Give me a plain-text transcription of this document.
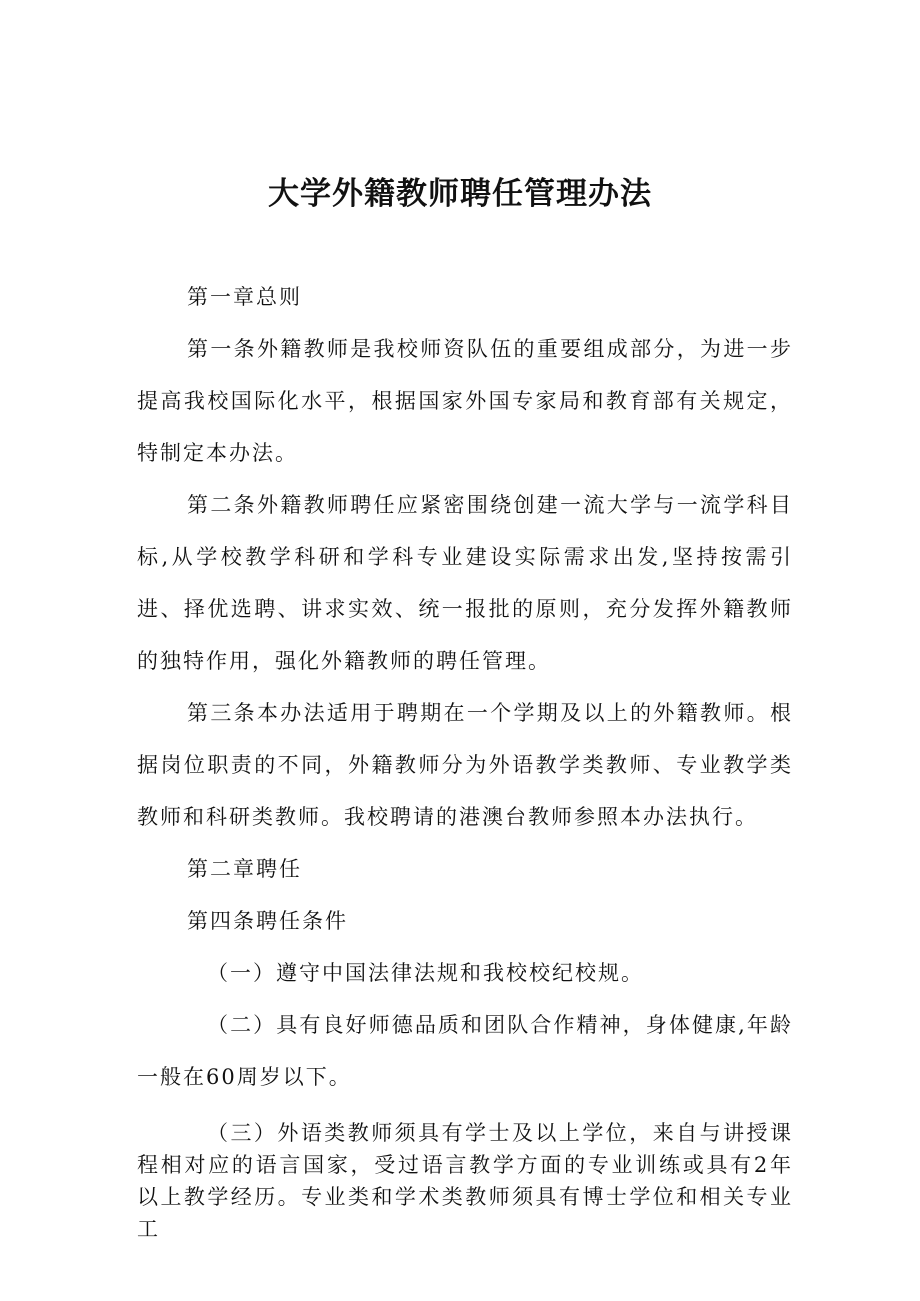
大学外籍教师聘任管理办法

第一章总则

第一条外籍教师是我校师资队伍的重要组成部分，为进一步提高我校国际化水平，根据国家外国专家局和教育部有关规定，特制定本办法。

第二条外籍教师聘任应紧密围绕创建一流大学与一流学科目标,从学校教学科研和学科专业建设实际需求出发,坚持按需引进、择优选聘、讲求实效、统一报批的原则，充分发挥外籍教师的独特作用，强化外籍教师的聘任管理。

第三条本办法适用于聘期在一个学期及以上的外籍教师。根据岗位职责的不同，外籍教师分为外语教学类教师、专业教学类教师和科研类教师。我校聘请的港澳台教师参照本办法执行。

第二章聘任

第四条聘任条件

（一）遵守中国法律法规和我校校纪校规。

（二）具有良好师德品质和团队合作精神，身体健康,年龄一般在60周岁以下。

（三）外语类教师须具有学士及以上学位，来自与讲授课程相对应的语言国家，受过语言教学方面的专业训练或具有2年以上教学经历。专业类和学术类教师须具有博士学位和相关专业工
